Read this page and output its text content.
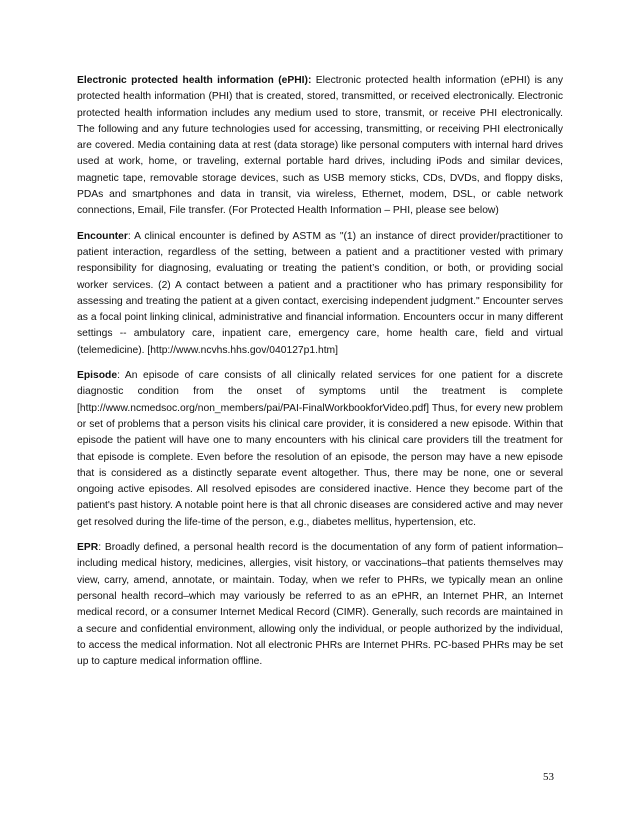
Electronic protected health information (ePHI): Electronic protected health information (ePHI) is any protected health information (PHI) that is created, stored, transmitted, or received electronically. Electronic protected health information includes any medium used to store, transmit, or receive PHI electronically. The following and any future technologies used for accessing, transmitting, or receiving PHI electronically are covered. Media containing data at rest (data storage) like personal computers with internal hard drives used at work, home, or traveling, external portable hard drives, including iPods and similar devices, magnetic tape, removable storage devices, such as USB memory sticks, CDs, DVDs, and floppy disks, PDAs and smartphones and data in transit, via wireless, Ethernet, modem, DSL, or cable network connections, Email, File transfer. (For Protected Health Information – PHI, please see below)

Encounter: A clinical encounter is defined by ASTM as "(1) an instance of direct provider/practitioner to patient interaction, regardless of the setting, between a patient and a practitioner vested with primary responsibility for diagnosing, evaluating or treating the patient’s condition, or both, or providing social worker services. (2) A contact between a patient and a practitioner who has primary responsibility for assessing and treating the patient at a given contact, exercising independent judgment." Encounter serves as a focal point linking clinical, administrative and financial information. Encounters occur in many different settings -- ambulatory care, inpatient care, emergency care, home health care, field and virtual (telemedicine). [http://www.ncvhs.hhs.gov/040127p1.htm]

Episode: An episode of care consists of all clinically related services for one patient for a discrete diagnostic condition from the onset of symptoms until the treatment is complete [http://www.ncmedsoc.org/non_members/pai/PAI-FinalWorkbookforVideo.pdf] Thus, for every new problem or set of problems that a person visits his clinical care provider, it is considered a new episode. Within that episode the patient will have one to many encounters with his clinical care providers till the treatment for that episode is complete. Even before the resolution of an episode, the person may have a new episode that is considered as a distinctly separate event altogether. Thus, there may be none, one or several ongoing active episodes. All resolved episodes are considered inactive. Hence they become part of the patient's past history. A notable point here is that all chronic diseases are considered active and may never get resolved during the life-time of the person, e.g., diabetes mellitus, hypertension, etc.

EPR: Broadly defined, a personal health record is the documentation of any form of patient information–including medical history, medicines, allergies, visit history, or vaccinations–that patients themselves may view, carry, amend, annotate, or maintain. Today, when we refer to PHRs, we typically mean an online personal health record–which may variously be referred to as an ePHR, an Internet PHR, an Internet medical record, or a consumer Internet Medical Record (CIMR). Generally, such records are maintained in a secure and confidential environment, allowing only the individual, or people authorized by the individual, to access the medical information. Not all electronic PHRs are Internet PHRs. PC-based PHRs may be set up to capture medical information offline.

53
